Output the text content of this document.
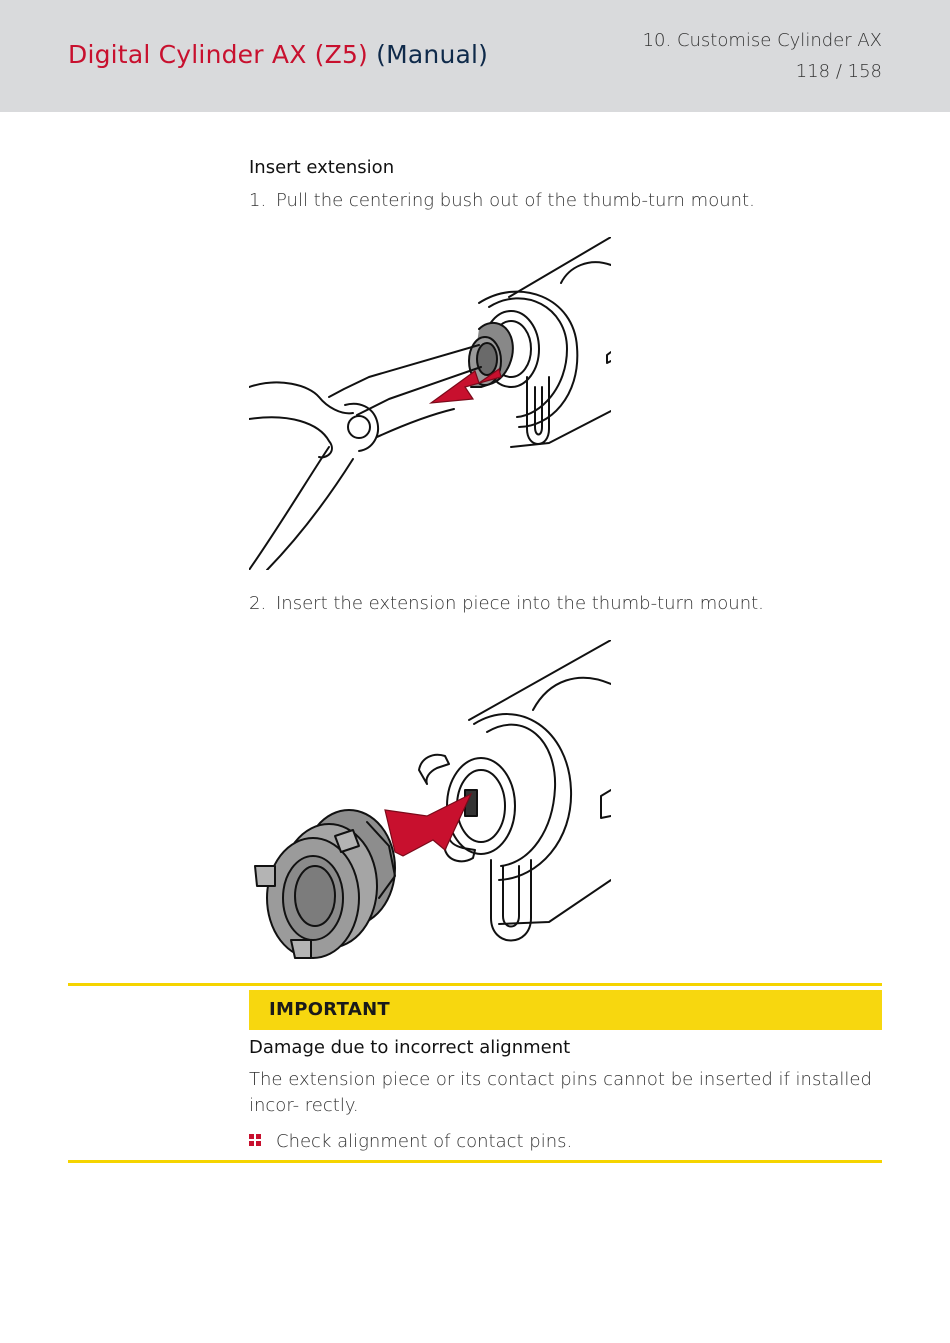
Digital Cylinder AX (Z5) (Manual)	10. Customise Cylinder AX
118 / 158
Insert extension
1. Pull the centering bush out of the thumb-turn mount.
2. Insert the extension piece into the thumb-turn mount.
IMPORTANT
Damage due to incorrect alignment
The extension piece or its contact pins cannot be inserted if installed incor- rectly.
Check alignment of contact pins.
